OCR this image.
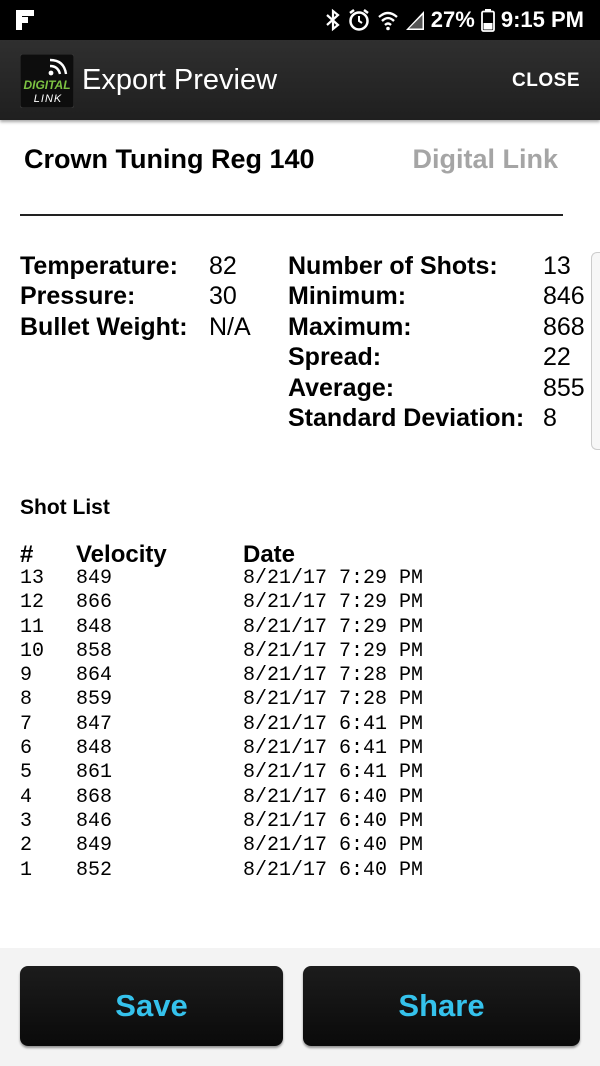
27% 9:15 PM
DIGITAL
LINK
Export Preview	CLOSE
Crown Tuning Reg 140	Digital Link
Temperature: 82
Pressure:	30
Bullet Weight: N/A
Number of Shots: 13
Minimum:	846
Maximum:	868
Spread:	22
Average:	855
Standard Deviation: 8
Shot List
# Velocity	Date
13 849	8/21/17 7:29 PM
12 866	8/21/17 7:29 PM
11 848	8/21/17 7:29 PM
10 858	8/21/17 7:29 PM
9 864	8/21/17 7:28 PM
8 859	8/21/17 7:28 PM
7 847	8/21/17 6:41 PM
6 848	8/21/17 6:41 PM
5 861	8/21/17 6:41 PM
4 868	8/21/17 6:40 PM
3 846	8/21/17 6:40 PM
2 849	8/21/17 6:40 PM
1 852	8/21/17 6:40 PM
Save	Share
